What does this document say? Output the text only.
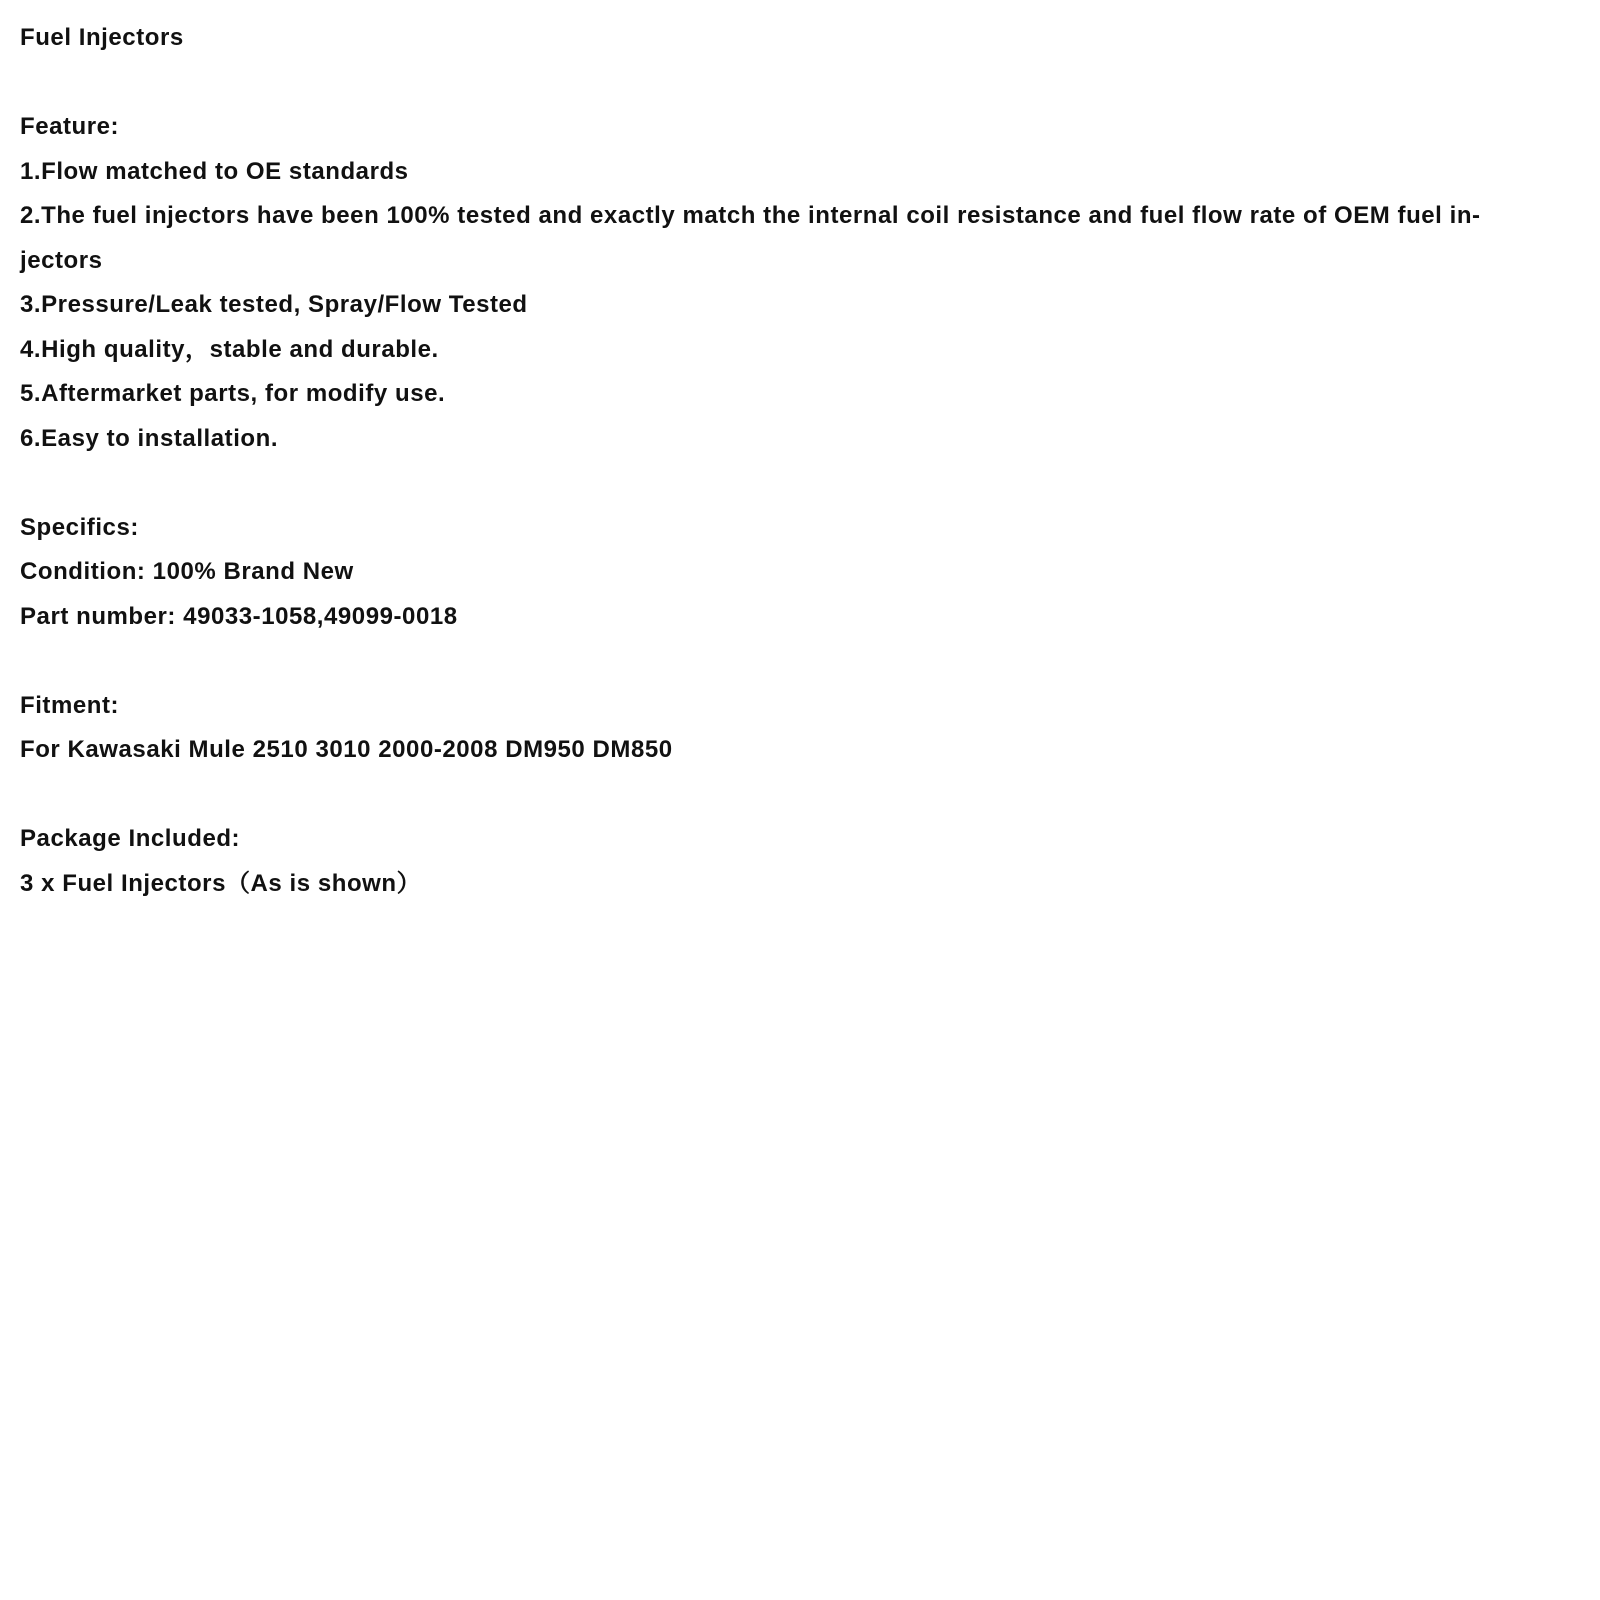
Fuel Injectors
Feature:
1.Flow matched to OE standards
2.The fuel injectors have been 100% tested and exactly match the internal coil resistance and fuel flow rate of OEM fuel in-
jectors
3.Pressure/Leak tested, Spray/Flow Tested
4.High quality，stable and durable.
5.Aftermarket parts, for modify use.
6.Easy to installation.
Specifics:
Condition: 100% Brand New
Part number: 49033-1058,49099-0018
Fitment:
For Kawasaki Mule 2510 3010 2000-2008 DM950 DM850
Package Included:
3 x Fuel Injectors（As is shown）
